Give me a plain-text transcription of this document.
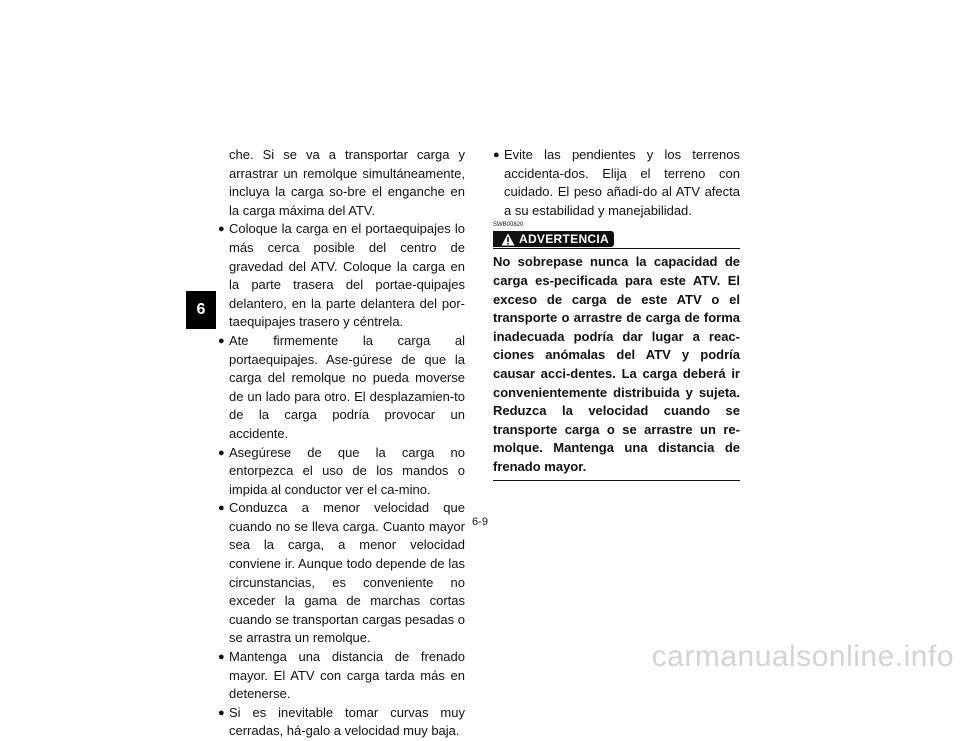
6

che. Si se va a transportar carga y arrastrar un remolque simultáneamente, incluya la carga so-bre el enganche en la carga máxima del ATV.

● Coloque la carga en el portaequipajes lo más cerca posible del centro de gravedad del ATV. Coloque la carga en la parte trasera del portae-quipajes delantero, en la parte delantera del por-taequipajes trasero y céntrela.
● Ate firmemente la carga al portaequipajes. Ase-gúrese de que la carga del remolque no pueda moverse de un lado para otro. El desplazamien-to de la carga podría provocar un accidente.
● Asegúrese de que la carga no entorpezca el uso de los mandos o impida al conductor ver el ca-mino.
● Conduzca a menor velocidad que cuando no se lleva carga. Cuanto mayor sea la carga, a menor velocidad conviene ir. Aunque todo depende de las circunstancias, es conveniente no exceder la gama de marchas cortas cuando se transportan cargas pesadas o se arrastra un remolque.
● Mantenga una distancia de frenado mayor. El ATV con carga tarda más en detenerse.
● Si es inevitable tomar curvas muy cerradas, há-galo a velocidad muy baja.
● Evite las pendientes y los terrenos accidenta-dos. Elija el terreno con cuidado. El peso añadi-do al ATV afecta a su estabilidad y manejabilidad.
SWB00820
ADVERTENCIA
No sobrepase nunca la capacidad de carga es-pecificada para este ATV. El exceso de carga de este ATV o el transporte o arrastre de carga de forma inadecuada podría dar lugar a reac-ciones anómalas del ATV y podría causar acci-dentes. La carga deberá ir convenientemente distribuida y sujeta. Reduzca la velocidad cuando se transporte carga o se arrastre un re-molque. Mantenga una distancia de frenado mayor.
6-9
carmanualsonline.info
